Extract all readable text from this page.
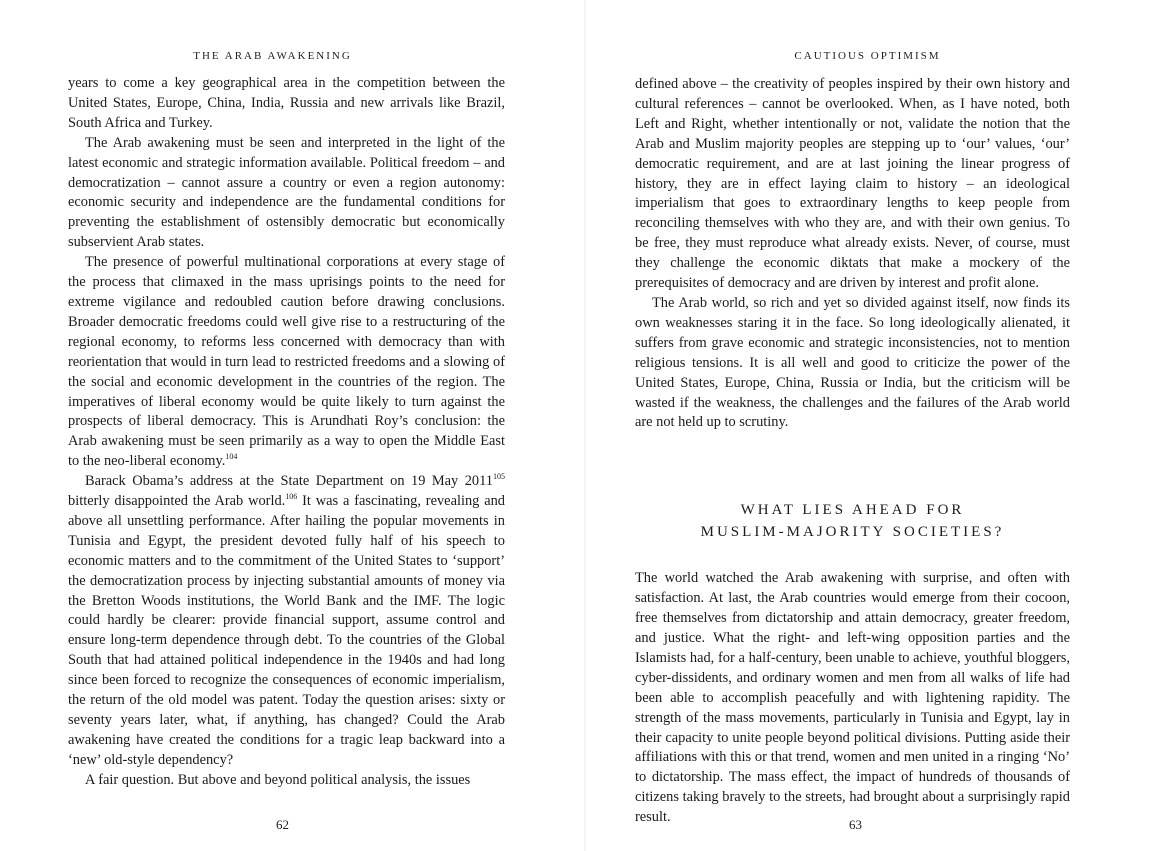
THE ARAB AWAKENING

years to come a key geographical area in the competition between the United States, Europe, China, India, Russia and new arrivals like Brazil, South Africa and Turkey.

The Arab awakening must be seen and interpreted in the light of the latest economic and strategic information available. Political freedom – and democratization – cannot assure a country or even a region autonomy: economic security and independence are the fundamental conditions for preventing the establishment of ostensibly democratic but economically subservient Arab states.

The presence of powerful multinational corporations at every stage of the process that climaxed in the mass uprisings points to the need for extreme vigilance and redoubled caution before drawing conclusions. Broader democratic freedoms could well give rise to a restructuring of the regional economy, to reforms less concerned with democracy than with reorientation that would in turn lead to restricted freedoms and a slowing of the social and economic development in the countries of the region. The imperatives of liberal economy would be quite likely to turn against the prospects of liberal democracy. This is Arundhati Roy’s conclusion: the Arab awakening must be seen primarily as a way to open the Middle East to the neo-liberal economy.$^{104}$

Barack Obama’s address at the State Department on 19 May 2011$^{105}$ bitterly disappointed the Arab world.$^{106}$ It was a fascinating, revealing and above all unsettling performance. After hailing the popular movements in Tunisia and Egypt, the president devoted fully half of his speech to economic matters and to the commitment of the United States to ‘support’ the democratization process by injecting substantial amounts of money via the Bretton Woods institutions, the World Bank and the IMF. The logic could hardly be clearer: provide financial support, assume control and ensure long-term dependence through debt. To the countries of the Global South that had attained political independence in the 1940s and had long since been forced to recognize the consequences of economic imperialism, the return of the old model was patent. Today the question arises: sixty or seventy years later, what, if anything, has changed? Could the Arab awakening have created the conditions for a tragic leap backward into a ‘new’ old-style dependency?

A fair question. But above and beyond political analysis, the issues

62
CAUTIOUS OPTIMISM

defined above – the creativity of peoples inspired by their own history and cultural references – cannot be overlooked. When, as I have noted, both Left and Right, whether intentionally or not, validate the notion that the Arab and Muslim majority peoples are stepping up to ‘our’ values, ‘our’ democratic requirement, and are at last joining the linear progress of history, they are in effect laying claim to history – an ideological imperialism that goes to extraordinary lengths to keep people from reconciling themselves with who they are, and with their own genius. To be free, they must reproduce what already exists. Never, of course, must they challenge the economic diktats that make a mockery of the prerequisites of democracy and are driven by interest and profit alone.

The Arab world, so rich and yet so divided against itself, now finds its own weaknesses staring it in the face. So long ideologically alienated, it suffers from grave economic and strategic inconsistencies, not to mention religious tensions. It is all well and good to criticize the power of the United States, Europe, China, Russia or India, but the criticism will be wasted if the weakness, the challenges and the failures of the Arab world are not held up to scrutiny.

WHAT LIES AHEAD FOR
MUSLIM-MAJORITY SOCIETIES?

The world watched the Arab awakening with surprise, and often with satisfaction. At last, the Arab countries would emerge from their cocoon, free themselves from dictatorship and attain democracy, greater freedom, and justice. What the right- and left-wing opposition parties and the Islamists had, for a half-century, been unable to achieve, youthful bloggers, cyber-dissidents, and ordinary women and men from all walks of life had been able to accomplish peacefully and with lightening rapidity. The strength of the mass movements, particularly in Tunisia and Egypt, lay in their capacity to unite people beyond political divisions. Putting aside their affiliations with this or that trend, women and men united in a ringing ‘No’ to dictatorship. The mass effect, the impact of hundreds of thousands of citizens taking bravely to the streets, had brought about a surprisingly rapid result.	63
